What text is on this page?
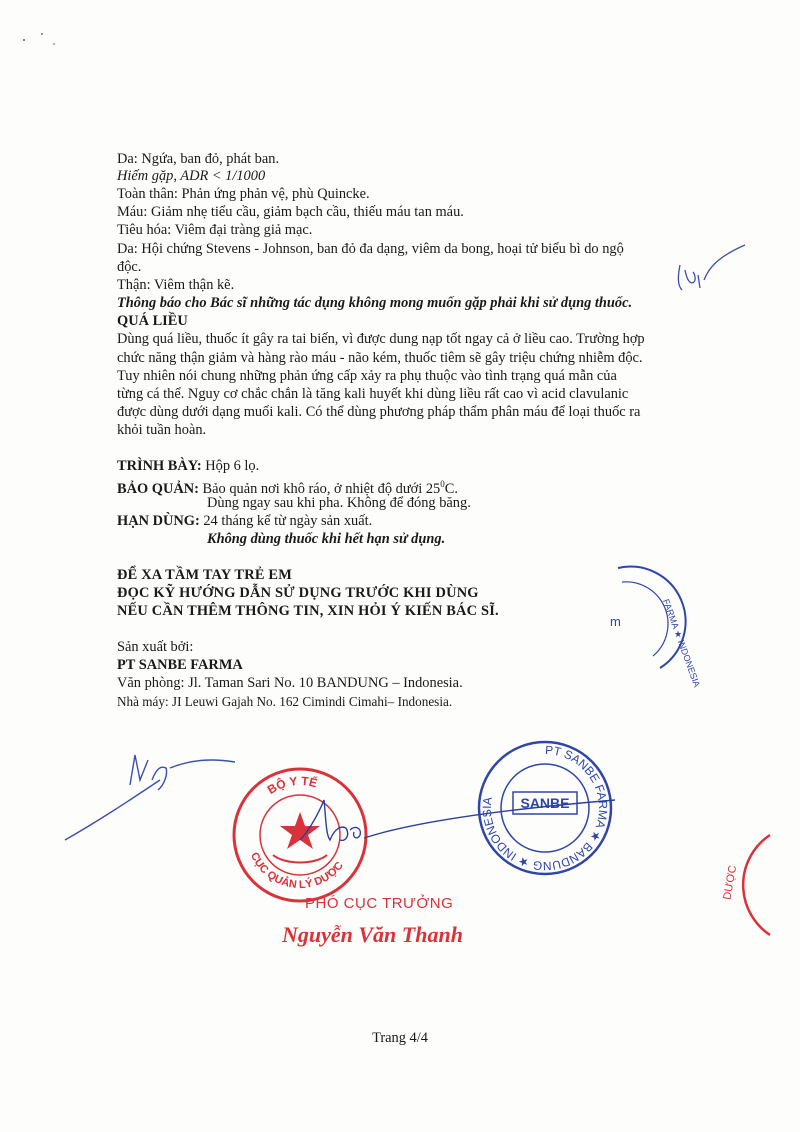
Da: Ngứa, ban đỏ, phát ban.
Hiếm gặp, ADR < 1/1000
Toàn thân: Phản ứng phản vệ, phù Quincke.
Máu: Giảm nhẹ tiểu cầu, giảm bạch cầu, thiếu máu tan máu.
Tiêu hóa: Viêm đại tràng giả mạc.
Da: Hội chứng Stevens - Johnson, ban đỏ đa dạng, viêm da bong, hoại tử biểu bì do ngộ
độc.
Thận: Viêm thận kẽ.
Thông báo cho Bác sĩ những tác dụng không mong muốn gặp phải khi sử dụng thuốc.
QUÁ LIỀU
Dùng quá liều, thuốc ít gây ra tai biến, vì được dung nạp tốt ngay cả ở liều cao. Trường hợp
chức năng thận giảm và hàng rào máu - não kém, thuốc tiêm sẽ gây triệu chứng nhiễm độc.
Tuy nhiên nói chung những phản ứng cấp xảy ra phụ thuộc vào tình trạng quá mẫn của
từng cá thể. Nguy cơ chắc chắn là tăng kali huyết khi dùng liều rất cao vì acid clavulanic
được dùng dưới dạng muối kali. Có thể dùng phương pháp thẩm phân máu để loại thuốc ra
khỏi tuần hoàn.
TRÌNH BÀY: Hộp 6 lọ.
BẢO QUẢN: Bảo quản nơi khô ráo, ở nhiệt độ dưới $25^0C$.
Dùng ngay sau khi pha. Không để đóng băng.
HẠN DÙNG: 24 tháng kể từ ngày sản xuất.
Không dùng thuốc khi hết hạn sử dụng.
ĐỂ XA TẦM TAY TRẺ EM
ĐỌC KỸ HƯỚNG DẪN SỬ DỤNG TRƯỚC KHI DÙNG
NẾU CẦN THÊM THÔNG TIN, XIN HỎI Ý KIẾN BÁC SĨ.
Sản xuất bởi:
PT SANBE FARMA
Văn phòng: Jl. Taman Sari No. 10 BANDUNG – Indonesia.
Nhà máy: JI Leuwi Gajah No. 162 Cimindi Cimahi– Indonesia.
FARMA ★ INDONESIA
m
BỘ Y TẾ
CỤC QUẢN LÝ DƯỢC
PT SANBE FARMA ★ BANDUNG ★ INDONESIA	SANBE
DƯỢC
PHÓ CỤC TRƯỞNG
Nguyễn Văn Thanh
Trang 4/4
